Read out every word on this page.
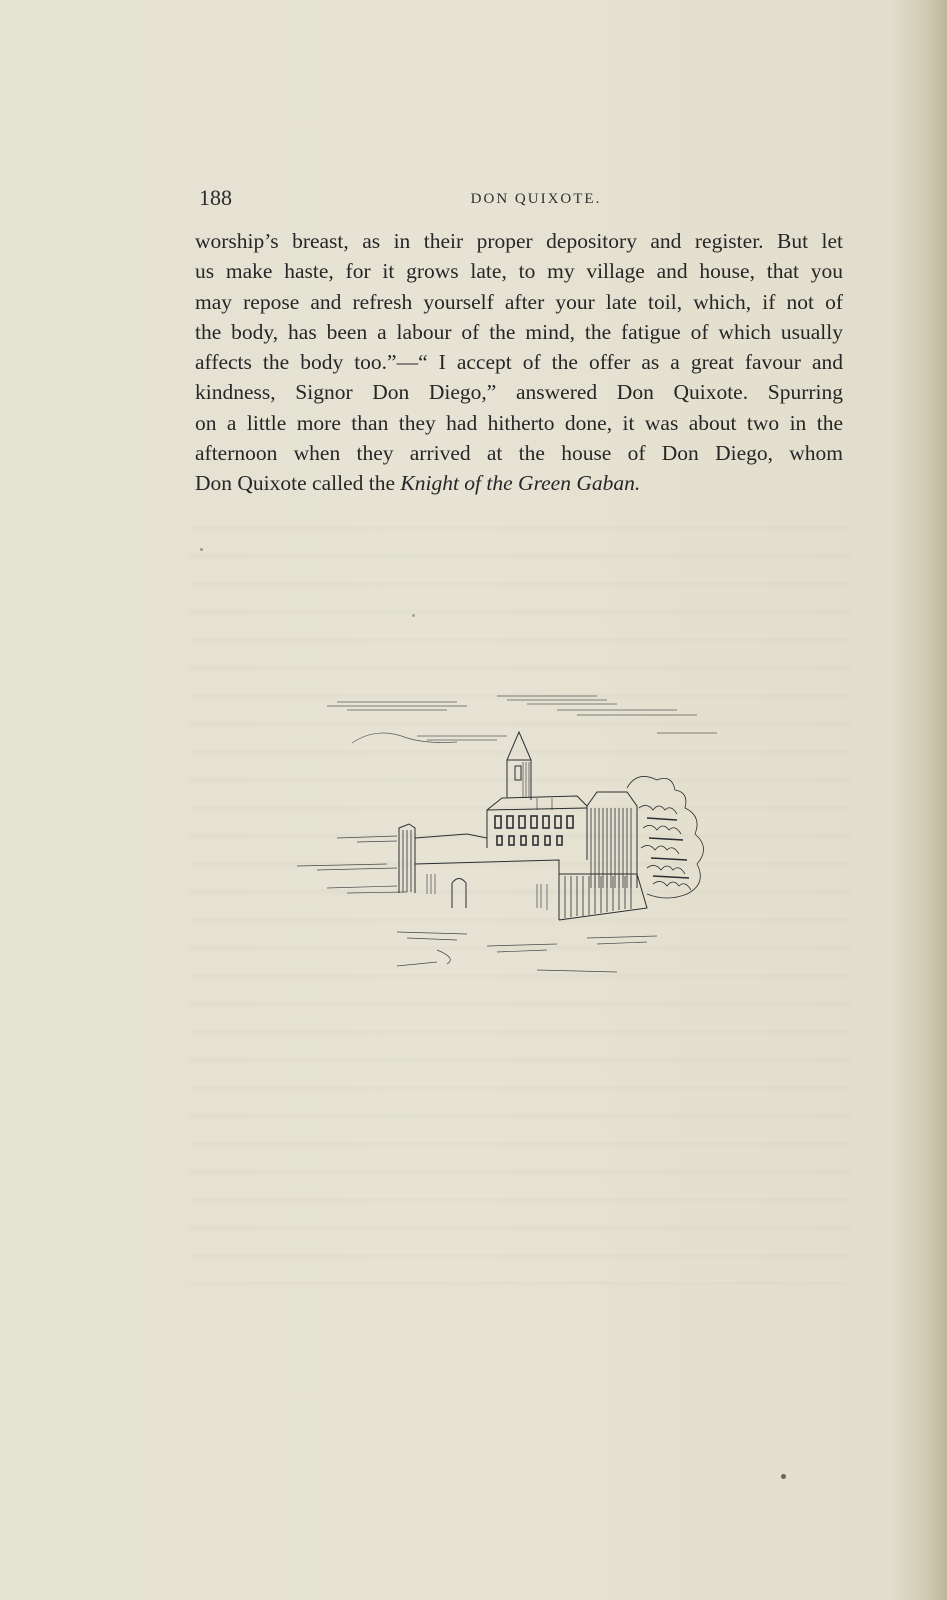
188	DON QUIXOTE.
worship’s breast, as in their proper depository and register. But let
us make haste, for it grows late, to my village and house, that you
may repose and refresh yourself after your late toil, which, if not of
the body, has been a labour of the mind, the fatigue of which usually
affects the body too.”—“ I accept of the offer as a great favour and
kindness, Signor Don Diego,” answered Don Quixote. Spurring
on a little more than they had hitherto done, it was about two in the
afternoon when they arrived at the house of Don Diego, whom
Don Quixote called the Knight of the Green Gaban.
